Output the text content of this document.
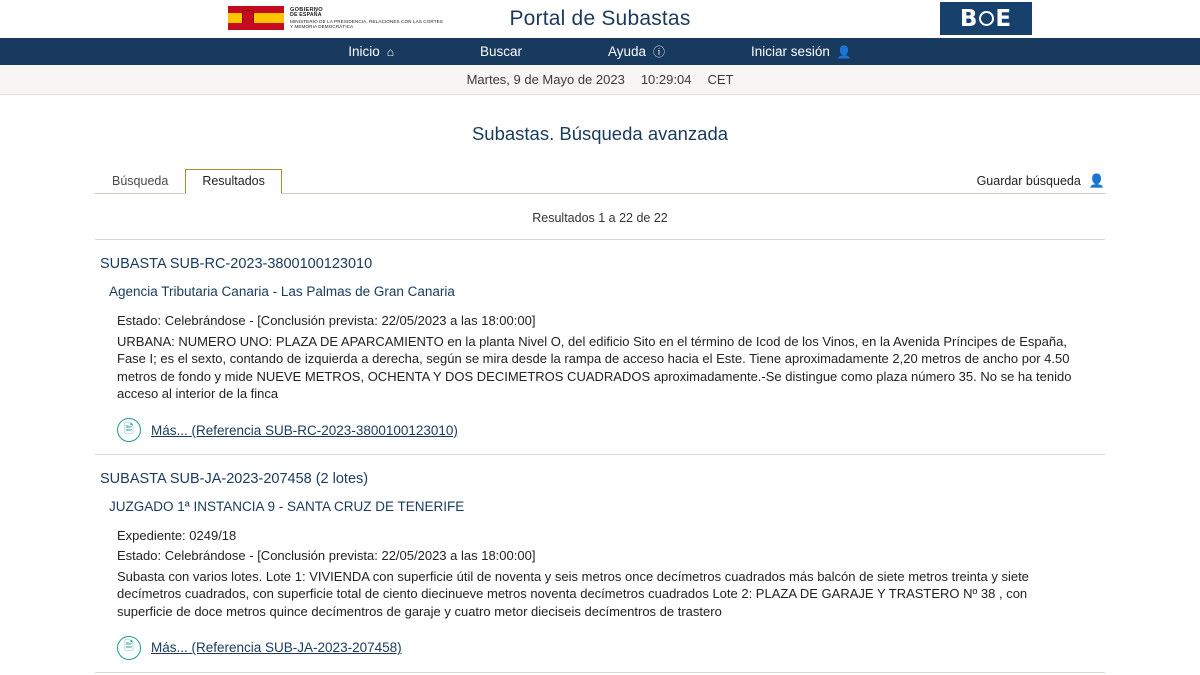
GOBIERNO
DE ESPAÑA
MINISTERIO DE LA PRESIDENCIA, RELACIONES CON LAS CORTES
Y MEMORIA DEMOCRÁTICA	Portal de Subastas	B E
Inicio ⌂	Buscar	Ayuda ⓘ	Iniciar sesión 👤
Martes, 9 de Mayo de 2023 10:29:04 CET
Subastas. Búsqueda avanzada
Búsqueda	Resultados	Guardar búsqueda 👤
Resultados 1 a 22 de 22
SUBASTA SUB-RC-2023-3800100123010
Agencia Tributaria Canaria - Las Palmas de Gran Canaria
Estado: Celebrándose - [Conclusión prevista: 22/05/2023 a las 18:00:00]
URBANA: NUMERO UNO: PLAZA DE APARCAMIENTO en la planta Nivel O, del edificio Sito en el término de Icod de los Vinos, en la Avenida Príncipes de España, Fase I; es el sexto, contando de izquierda a derecha, según se mira desde la rampa de acceso hacia el Este. Tiene aproximadamente 2,20 metros de ancho por 4.50 metros de fondo y mide NUEVE METROS, OCHENTA Y DOS DECIMETROS CUADRADOS aproximadamente.-Se distingue como plaza número 35. No se ha tenido acceso al interior de la finca
🖹	Más... (Referencia SUB-RC-2023-3800100123010)
SUBASTA SUB-JA-2023-207458 (2 lotes)
JUZGADO 1ª INSTANCIA 9 - SANTA CRUZ DE TENERIFE
Expediente: 0249/18
Estado: Celebrándose - [Conclusión prevista: 22/05/2023 a las 18:00:00]
Subasta con varios lotes. Lote 1: VIVIENDA con superficie útil de noventa y seis metros once decímetros cuadrados más balcón de siete metros treinta y siete decímetros cuadrados, con superficie total de ciento diecinueve metros noventa decímetros cuadrados Lote 2: PLAZA DE GARAJE Y TRASTERO Nº 38 , con superficie de doce metros quince decímentros de garaje y cuatro metor dieciseis decímentros de trastero
🖹	Más... (Referencia SUB-JA-2023-207458)
